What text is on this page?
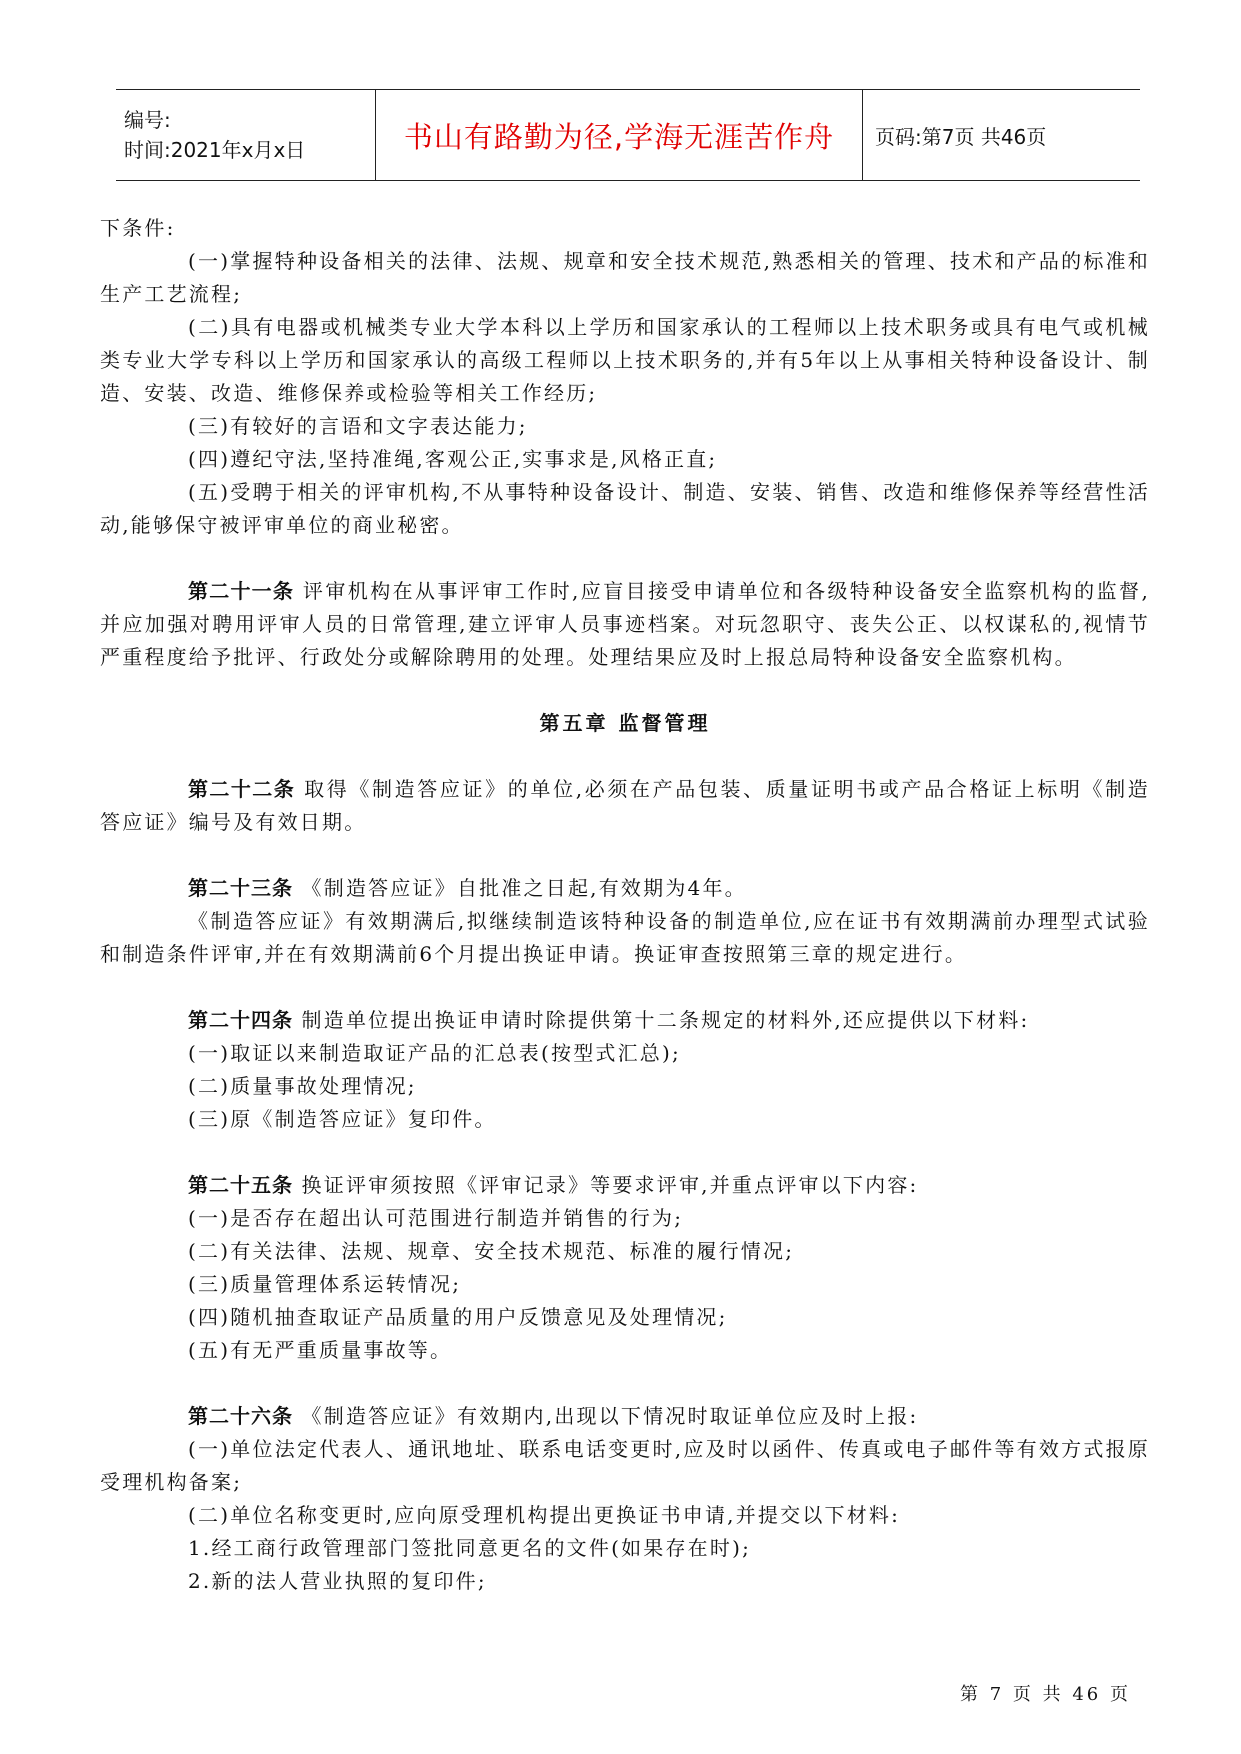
编号:
时间:2021年x月x日	书山有路勤为径,学海无涯苦作舟 页码:第7页 共46页

下条件:

(一)掌握特种设备相关的法律、法规、规章和安全技术规范,熟悉相关的管理、技术和产品的标准和生产工艺流程;

(二)具有电器或机械类专业大学本科以上学历和国家承认的工程师以上技术职务或具有电气或机械类专业大学专科以上学历和国家承认的高级工程师以上技术职务的,并有5年以上从事相关特种设备设计、制造、安装、改造、维修保养或检验等相关工作经历;

(三)有较好的言语和文字表达能力;

(四)遵纪守法,坚持准绳,客观公正,实事求是,风格正直;

(五)受聘于相关的评审机构,不从事特种设备设计、制造、安装、销售、改造和维修保养等经营性活动,能够保守被评审单位的商业秘密。

第二十一条 评审机构在从事评审工作时,应盲目接受申请单位和各级特种设备安全监察机构的监督,并应加强对聘用评审人员的日常管理,建立评审人员事迹档案。对玩忽职守、丧失公正、以权谋私的,视情节严重程度给予批评、行政处分或解除聘用的处理。处理结果应及时上报总局特种设备安全监察机构。

第五章 监督管理

第二十二条 取得《制造答应证》的单位,必须在产品包装、质量证明书或产品合格证上标明《制造答应证》编号及有效日期。

第二十三条 《制造答应证》自批准之日起,有效期为4年。

《制造答应证》有效期满后,拟继续制造该特种设备的制造单位,应在证书有效期满前办理型式试验和制造条件评审,并在有效期满前6个月提出换证申请。换证审查按照第三章的规定进行。

第二十四条 制造单位提出换证申请时除提供第十二条规定的材料外,还应提供以下材料:

(一)取证以来制造取证产品的汇总表(按型式汇总);

(二)质量事故处理情况;

(三)原《制造答应证》复印件。

第二十五条 换证评审须按照《评审记录》等要求评审,并重点评审以下内容:

(一)是否存在超出认可范围进行制造并销售的行为;

(二)有关法律、法规、规章、安全技术规范、标准的履行情况;

(三)质量管理体系运转情况;

(四)随机抽查取证产品质量的用户反馈意见及处理情况;

(五)有无严重质量事故等。

第二十六条 《制造答应证》有效期内,出现以下情况时取证单位应及时上报:

(一)单位法定代表人、通讯地址、联系电话变更时,应及时以函件、传真或电子邮件等有效方式报原受理机构备案;

(二)单位名称变更时,应向原受理机构提出更换证书申请,并提交以下材料:

1.经工商行政管理部门签批同意更名的文件(如果存在时);

2.新的法人营业执照的复印件;

第 7 页 共 46 页
